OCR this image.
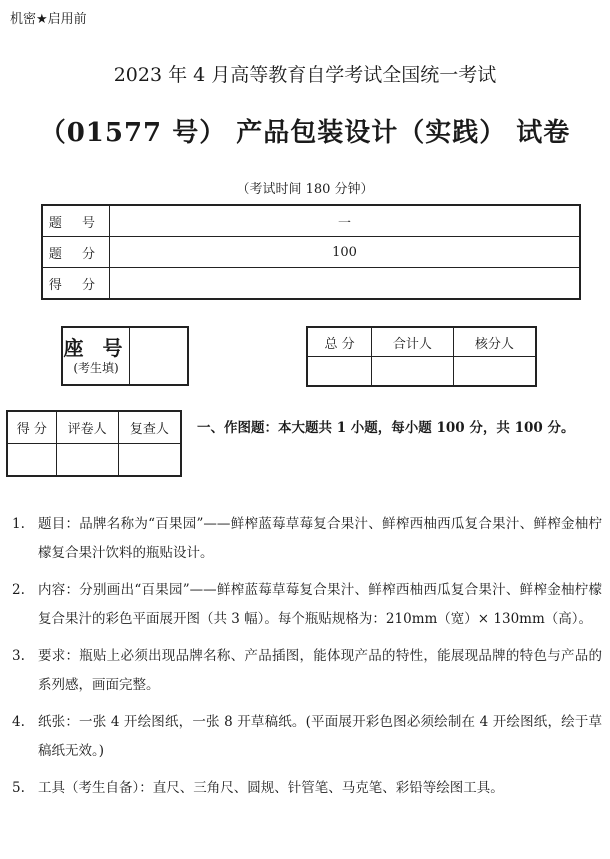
机密★启用前
2023 年 4 月高等教育自学考试全国统一考试
（01577 号） 产品包装设计（实践） 试卷
（考试时间 180 分钟）
题 号	一
题 分	100
得 分	
座 号
(考生填)
总 分	合计人	核分人

得 分	评卷人	复查人
		一、作图题：本大题共 1 小题，每小题 100 分，共 100 分。
1. 题目：品牌名称为“百果园”——鲜榨蓝莓草莓复合果汁、鲜榨西柚西瓜复合果汁、鲜榨金柚柠檬复合果汁饮料的瓶贴设计。
2. 内容：分别画出“百果园”——鲜榨蓝莓草莓复合果汁、鲜榨西柚西瓜复合果汁、鲜榨金柚柠檬复合果汁的彩色平面展开图（共 3 幅）。每个瓶贴规格为：210mm（宽）× 130mm（高）。
3. 要求：瓶贴上必须出现品牌名称、产品插图，能体现产品的特性，能展现品牌的特色与产品的系列感，画面完整。
4. 纸张：一张 4 开绘图纸，一张 8 开草稿纸。(平面展开彩色图必须绘制在 4 开绘图纸，绘于草稿纸无效。)
5. 工具（考生自备）：直尺、三角尺、圆规、针管笔、马克笔、彩铅等绘图工具。
